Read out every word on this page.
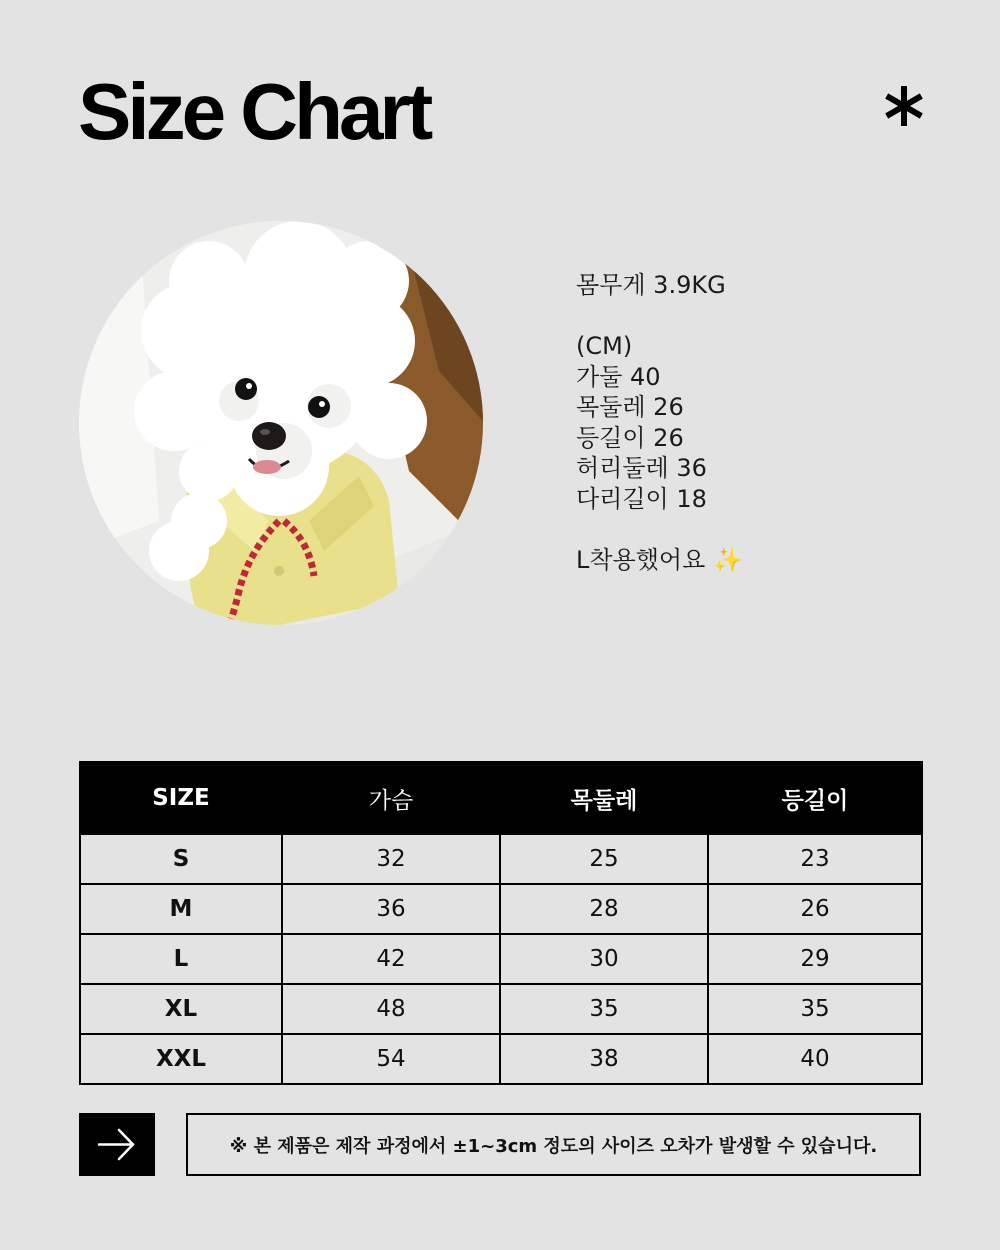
Size Chart
몸무게 3.9KG
(CM)
가둘 40
목둘레 26
등길이 26
허리둘레 36
다리길이 18
L착용했어요 ✨
SIZE	가슴	목둘레	등길이
S	32	25	23
M	36	28	26
L	42	30	29
XL	48	35	35
XXL	54	38	40
※ 본 제품은 제작 과정에서 ±1~3cm 정도의 사이즈 오차가 발생할 수 있습니다.
